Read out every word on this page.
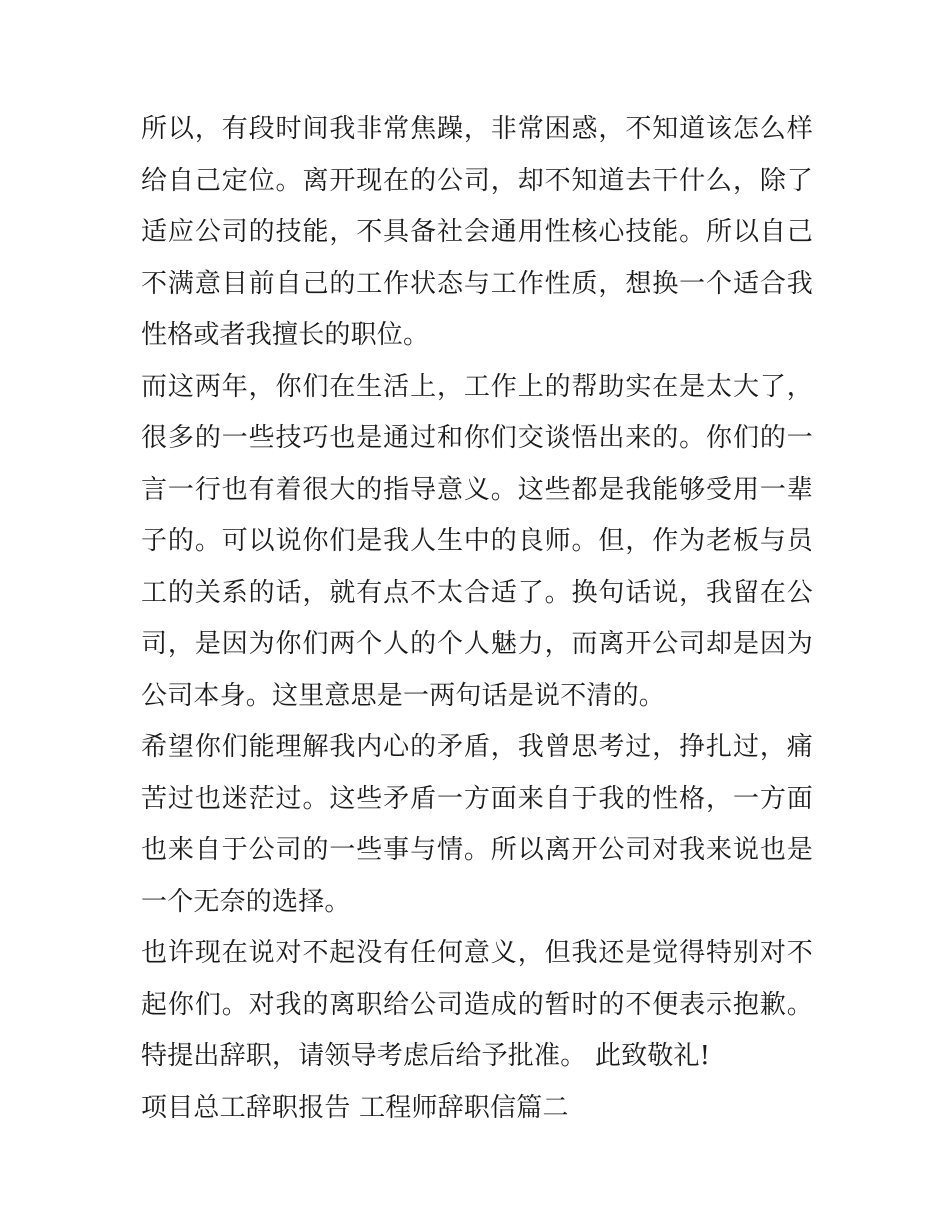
所以，有段时间我非常焦躁，非常困惑，不知道该怎么样给自己定位。离开现在的公司，却不知道去干什么，除了适应公司的技能，不具备社会通用性核心技能。所以自己不满意目前自己的工作状态与工作性质，想换一个适合我性格或者我擅长的职位。

而这两年，你们在生活上，工作上的帮助实在是太大了，很多的一些技巧也是通过和你们交谈悟出来的。你们的一言一行也有着很大的指导意义。这些都是我能够受用一辈子的。可以说你们是我人生中的良师。但，作为老板与员工的关系的话，就有点不太合适了。换句话说，我留在公司，是因为你们两个人的个人魅力，而离开公司却是因为公司本身。这里意思是一两句话是说不清的。

希望你们能理解我内心的矛盾，我曾思考过，挣扎过，痛苦过也迷茫过。这些矛盾一方面来自于我的性格，一方面也来自于公司的一些事与情。所以离开公司对我来说也是一个无奈的选择。

也许现在说对不起没有任何意义，但我还是觉得特别对不起你们。对我的离职给公司造成的暂时的不便表示抱歉。 特提出辞职，请领导考虑后给予批准。 此致敬礼!

项目总工辞职报告 工程师辞职信篇二
